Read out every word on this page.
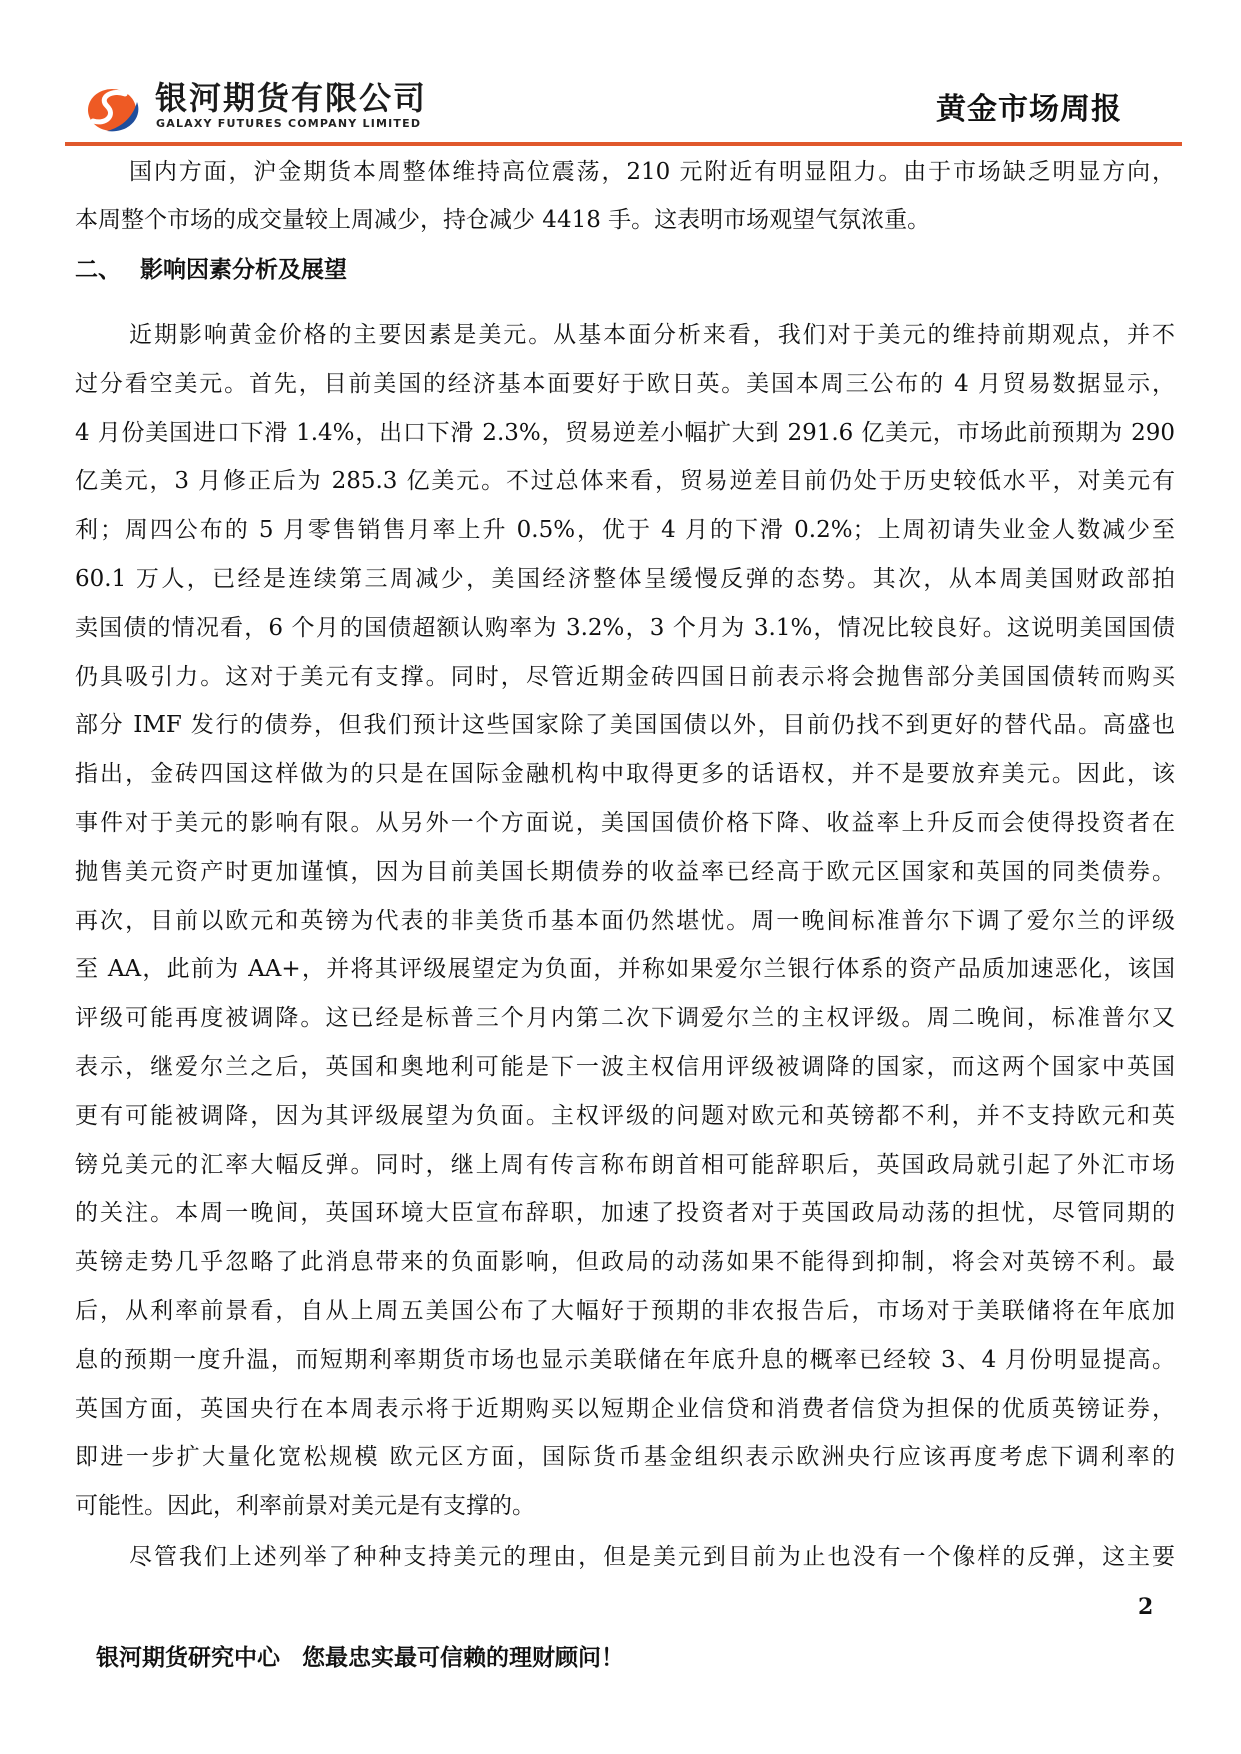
银河期货有限公司
GALAXY FUTURES COMPANY LIMITED	黄金市场周报
国内方面，沪金期货本周整体维持高位震荡，210 元附近有明显阻力。由于市场缺乏明显方向，
本周整个市场的成交量较上周减少，持仓减少 4418 手。这表明市场观望气氛浓重。
二、 影响因素分析及展望
近期影响黄金价格的主要因素是美元。从基本面分析来看，我们对于美元的维持前期观点，并不
过分看空美元。首先，目前美国的经济基本面要好于欧日英。美国本周三公布的 4 月贸易数据显示，
4 月份美国进口下滑 1.4%，出口下滑 2.3%，贸易逆差小幅扩大到 291.6 亿美元，市场此前预期为 290
亿美元，3 月修正后为 285.3 亿美元。不过总体来看，贸易逆差目前仍处于历史较低水平，对美元有
利；周四公布的 5 月零售销售月率上升 0.5%，优于 4 月的下滑 0.2%；上周初请失业金人数减少至
60.1 万人，已经是连续第三周减少，美国经济整体呈缓慢反弹的态势。其次，从本周美国财政部拍
卖国债的情况看，6 个月的国债超额认购率为 3.2%，3 个月为 3.1%，情况比较良好。这说明美国国债
仍具吸引力。这对于美元有支撑。同时，尽管近期金砖四国日前表示将会抛售部分美国国债转而购买
部分 IMF 发行的债券，但我们预计这些国家除了美国国债以外，目前仍找不到更好的替代品。高盛也
指出，金砖四国这样做为的只是在国际金融机构中取得更多的话语权，并不是要放弃美元。因此，该
事件对于美元的影响有限。从另外一个方面说，美国国债价格下降、收益率上升反而会使得投资者在
抛售美元资产时更加谨慎，因为目前美国长期债券的收益率已经高于欧元区国家和英国的同类债券。
再次，目前以欧元和英镑为代表的非美货币基本面仍然堪忧。周一晚间标准普尔下调了爱尔兰的评级
至 AA，此前为 AA+，并将其评级展望定为负面，并称如果爱尔兰银行体系的资产品质加速恶化，该国
评级可能再度被调降。这已经是标普三个月内第二次下调爱尔兰的主权评级。周二晚间，标准普尔又
表示，继爱尔兰之后，英国和奥地利可能是下一波主权信用评级被调降的国家，而这两个国家中英国
更有可能被调降，因为其评级展望为负面。主权评级的问题对欧元和英镑都不利，并不支持欧元和英
镑兑美元的汇率大幅反弹。同时，继上周有传言称布朗首相可能辞职后，英国政局就引起了外汇市场
的关注。本周一晚间，英国环境大臣宣布辞职，加速了投资者对于英国政局动荡的担忧，尽管同期的
英镑走势几乎忽略了此消息带来的负面影响，但政局的动荡如果不能得到抑制，将会对英镑不利。最
后，从利率前景看，自从上周五美国公布了大幅好于预期的非农报告后，市场对于美联储将在年底加
息的预期一度升温，而短期利率期货市场也显示美联储在年底升息的概率已经较 3、4 月份明显提高。
英国方面，英国央行在本周表示将于近期购买以短期企业信贷和消费者信贷为担保的优质英镑证券，
即进一步扩大量化宽松规模 欧元区方面，国际货币基金组织表示欧洲央行应该再度考虑下调利率的
可能性。因此，利率前景对美元是有支撑的。
尽管我们上述列举了种种支持美元的理由，但是美元到目前为止也没有一个像样的反弹，这主要
2
银河期货研究中心 您最忠实最可信赖的理财顾问！
